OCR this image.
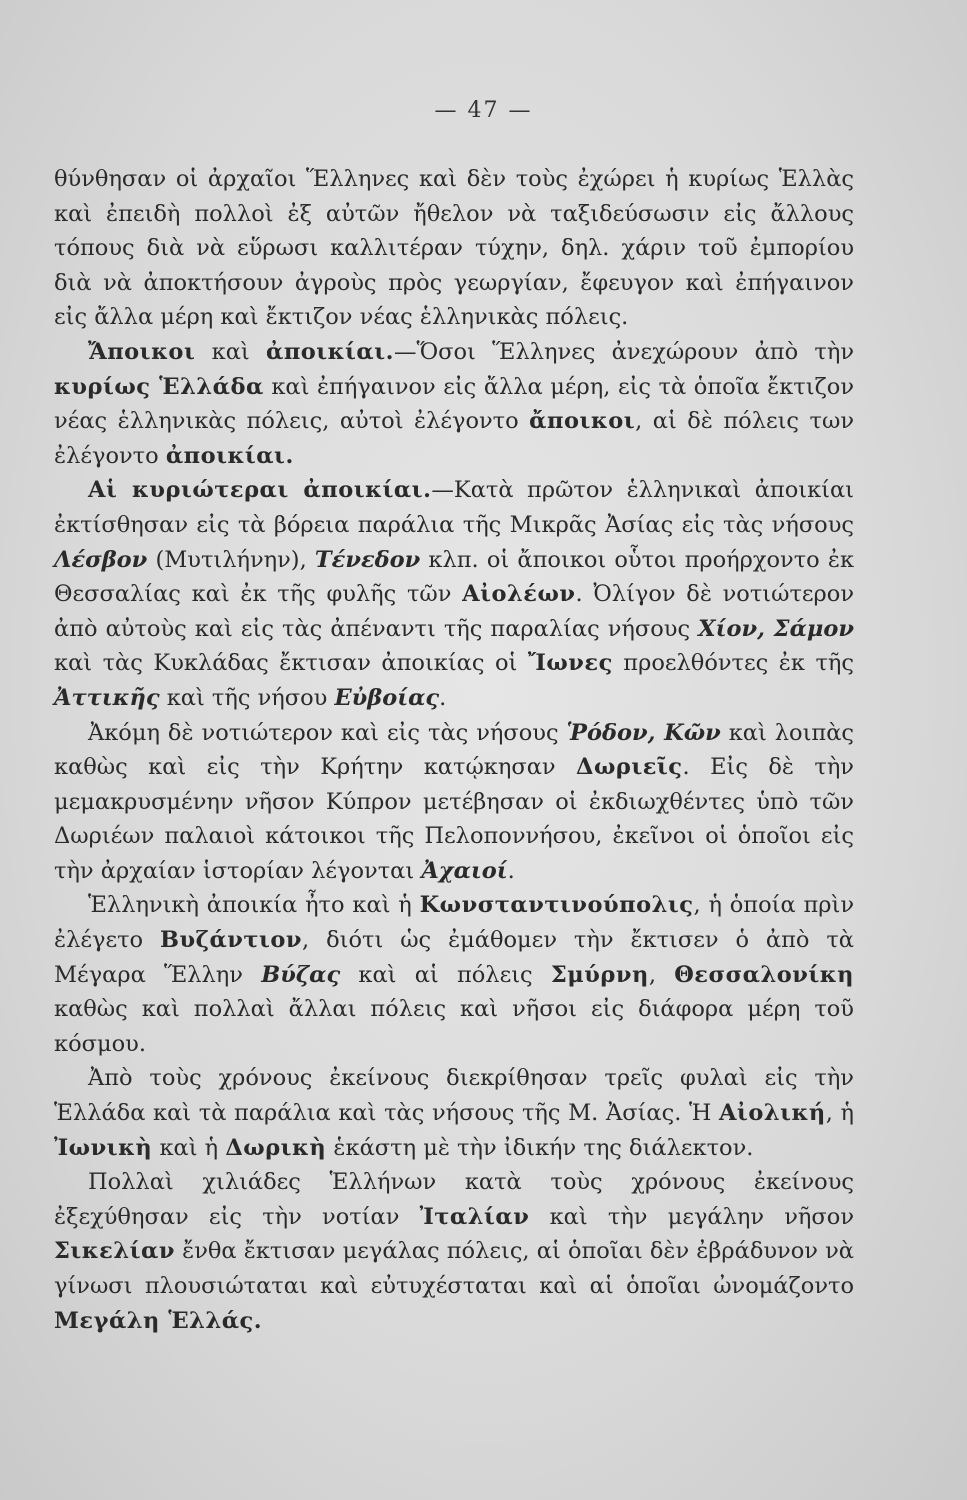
— 47 —

θύνθησαν οἱ ἀρχαῖοι Ἕλληνες καὶ δὲν τοὺς ἐχώρει ἡ κυρίως Ἑλλὰς καὶ ἐπειδὴ πολλοὶ ἐξ αὐτῶν ἤθελον νὰ ταξιδεύσωσιν εἰς ἄλλους τόπους διὰ νὰ εὕρωσι καλλιτέραν τύχην, δηλ. χάριν τοῦ ἐμπορίου διὰ νὰ ἀποκτήσουν ἀγροὺς πρὸς γεωργίαν, ἔφευγον καὶ ἐπήγαινον εἰς ἄλλα μέρη καὶ ἔκτιζον νέας ἑλληνικὰς πόλεις.

Ἄποικοι καὶ ἀποικίαι.—Ὅσοι Ἕλληνες ἀνεχώρουν ἀπὸ τὴν κυρίως Ἑλλάδα καὶ ἐπήγαινον εἰς ἄλλα μέρη, εἰς τὰ ὁποῖα ἔκτιζον νέας ἑλληνικὰς πόλεις, αὐτοὶ ἐλέγοντο ἄποικοι, αἱ δὲ πόλεις των ἐλέγοντο ἀποικίαι.

Αἱ κυριώτεραι ἀποικίαι.—Κατὰ πρῶτον ἑλληνικαὶ ἀποικίαι ἐκτίσθησαν εἰς τὰ βόρεια παράλια τῆς Μικρᾶς Ἀσίας εἰς τὰς νήσους Λέσβον (Μυτιλήνην), Τένεδον κλπ. οἱ ἄποικοι οὗτοι προήρχοντο ἐκ Θεσσαλίας καὶ ἐκ τῆς φυλῆς τῶν Αἰολέων. Ὀλίγον δὲ νοτιώτερον ἀπὸ αὐτοὺς καὶ εἰς τὰς ἀπέναντι τῆς παραλίας νήσους Χίον, Σάμον καὶ τὰς Κυκλάδας ἔκτισαν ἀποικίας οἱ Ἴωνες προελθόντες ἐκ τῆς Ἀττικῆς καὶ τῆς νήσου Εὐβοίας.

Ἀκόμη δὲ νοτιώτερον καὶ εἰς τὰς νήσους Ῥόδον, Κῶν καὶ λοιπὰς καθὼς καὶ εἰς τὴν Κρήτην κατῴκησαν Δωριεῖς. Εἰς δὲ τὴν μεμακρυσμένην νῆσον Κύπρον μετέβησαν οἱ ἐκδιωχθέντες ὑπὸ τῶν Δωριέων παλαιοὶ κάτοικοι τῆς Πελοποννήσου, ἐκεῖνοι οἱ ὁποῖοι εἰς τὴν ἀρχαίαν ἱστορίαν λέγονται Ἀχαιοί.

Ἑλληνικὴ ἀποικία ἦτο καὶ ἡ Κωνσταντινούπολις, ἡ ὁποία πρὶν ἐλέγετο Βυζάντιον, διότι ὡς ἐμάθομεν τὴν ἔκτισεν ὁ ἀπὸ τὰ Μέγαρα Ἕλλην Βύζας καὶ αἱ πόλεις Σμύρνη, Θεσσαλονίκη καθὼς καὶ πολλαὶ ἄλλαι πόλεις καὶ νῆσοι εἰς διάφορα μέρη τοῦ κόσμου.

Ἀπὸ τοὺς χρόνους ἐκείνους διεκρίθησαν τρεῖς φυλαὶ εἰς τὴν Ἑλλάδα καὶ τὰ παράλια καὶ τὰς νήσους τῆς Μ. Ἀσίας. Ἡ Αἰολική, ἡ Ἰωνικὴ καὶ ἡ Δωρικὴ ἑκάστη μὲ τὴν ἰδικήν της διάλεκτον.

Πολλαὶ χιλιάδες Ἑλλήνων κατὰ τοὺς χρόνους ἐκείνους ἐξεχύθησαν εἰς τὴν νοτίαν Ἰταλίαν καὶ τὴν μεγάλην νῆσον Σικελίαν ἔνθα ἔκτισαν μεγάλας πόλεις, αἱ ὁποῖαι δὲν ἐβράδυνον νὰ γίνωσι πλουσιώταται καὶ εὐτυχέσταται καὶ αἱ ὁποῖαι ὠνομάζοντο Μεγάλη Ἑλλάς.
